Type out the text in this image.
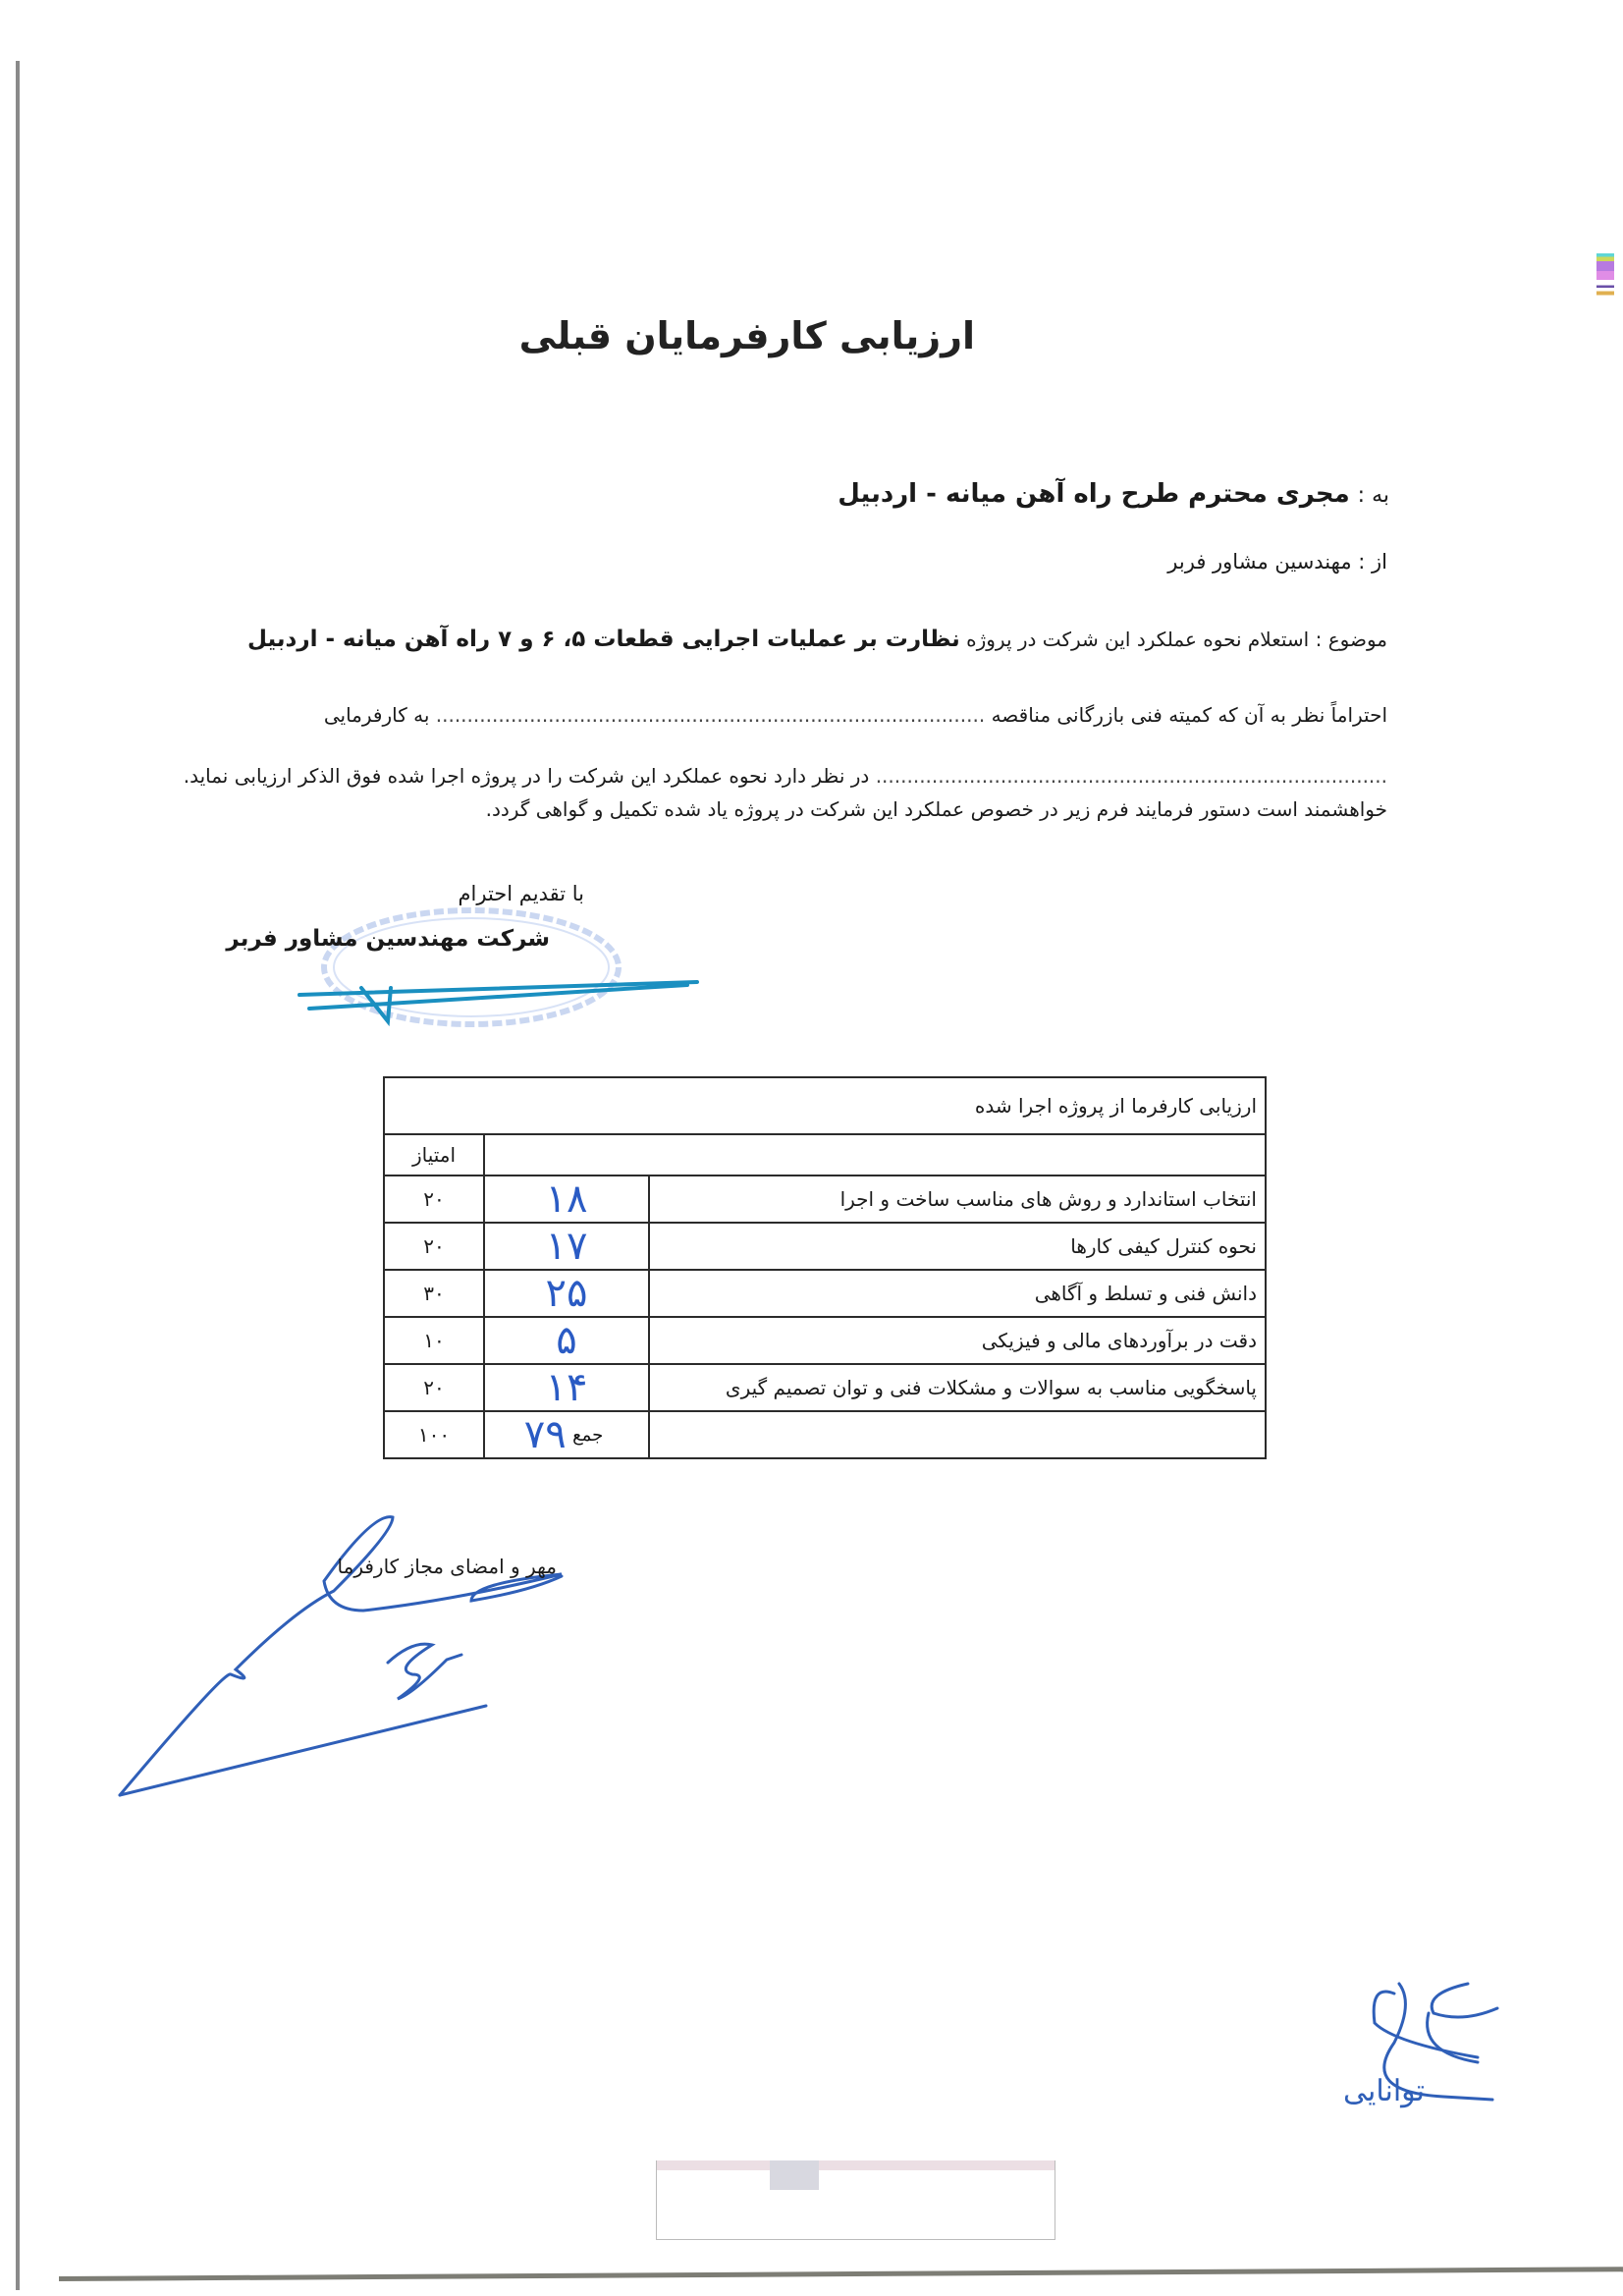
ارزیابی کارفرمایان قبلی
به : مجری محترم طرح راه آهن میانه - اردبیل
از : مهندسین مشاور فربر
موضوع : استعلام نحوه عملکرد این شرکت در پروژه نظارت بر عملیات اجرایی قطعات ۵، ۶ و ۷ راه آهن میانه - اردبیل
احتراماً نظر به آن که کمیته فنی بازرگانی مناقصه ........................................................................................ به کارفرمایی
.................................................................................. در نظر دارد نحوه عملکرد این شرکت را در پروژه اجرا شده فوق الذکر ارزیابی نماید.
خواهشمند است دستور فرمایند فرم زیر در خصوص عملکرد این شرکت در پروژه یاد شده تکمیل و گواهی گردد.
با تقدیم احترام
شرکت مهندسین مشاور فربر
ارزیابی کارفرما از پروژه اجرا شده		
		امتیاز
انتخاب استاندارد و روش های مناسب ساخت و اجرا	۱۸	۲۰
نحوه کنترل کیفی کارها	۱۷	۲۰
دانش فنی و تسلط و آگاهی	۲۵	۳۰
دقت در برآوردهای مالی و فیزیکی	۵	۱۰
پاسخگویی مناسب به سوالات و مشکلات فنی و توان تصمیم گیری	۱۴	۲۰
	جمع ۷۹	۱۰۰
مهر و امضای مجاز کارفرما
توانایی
